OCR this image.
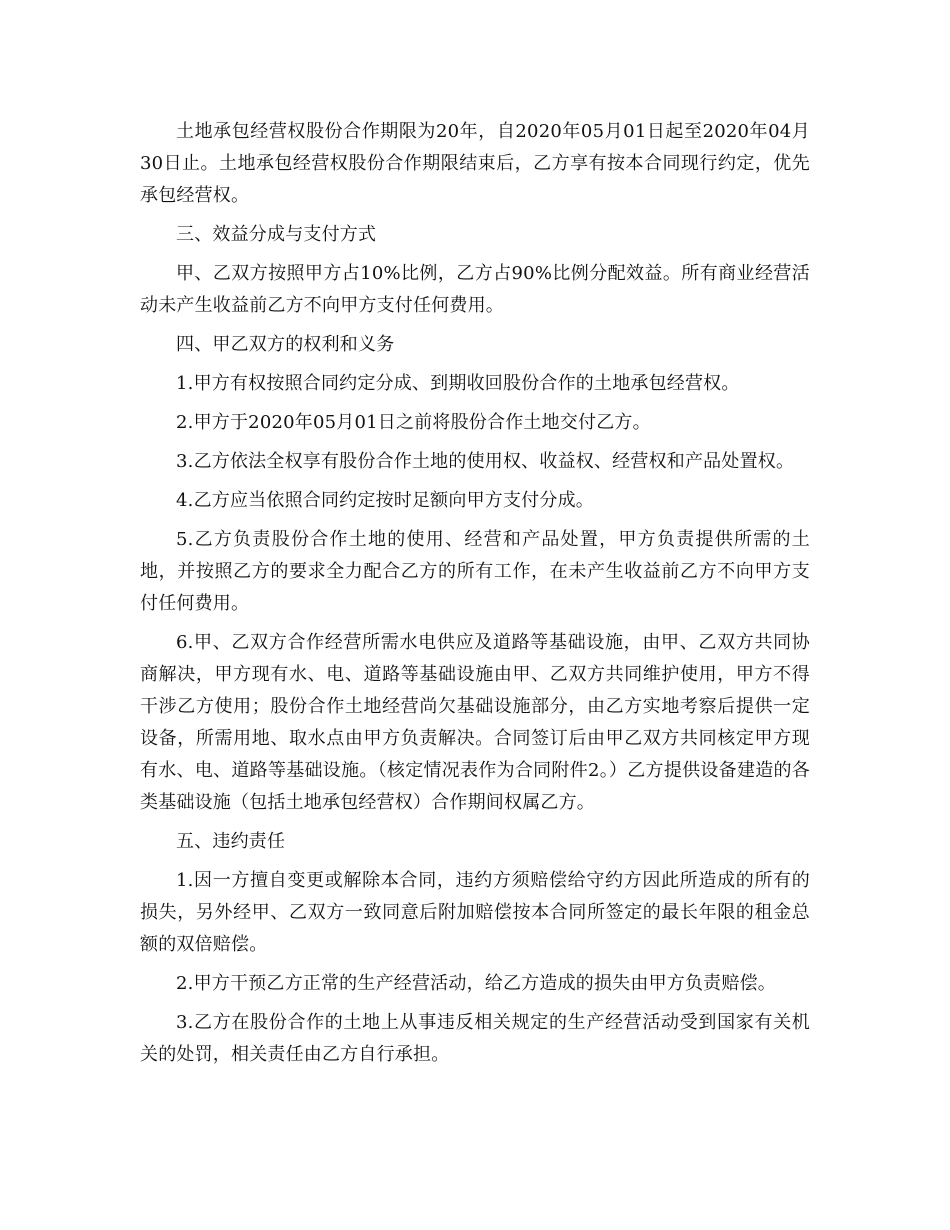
土地承包经营权股份合作期限为20年，自2020年05月01日起至2020年04月30日止。土地承包经营权股份合作期限结束后，乙方享有按本合同现行约定，优先承包经营权。

三、效益分成与支付方式

甲、乙双方按照甲方占10%比例，乙方占90%比例分配效益。所有商业经营活动未产生收益前乙方不向甲方支付任何费用。

四、甲乙双方的权利和义务

1.甲方有权按照合同约定分成、到期收回股份合作的土地承包经营权。

2.甲方于2020年05月01日之前将股份合作土地交付乙方。

3.乙方依法全权享有股份合作土地的使用权、收益权、经营权和产品处置权。

4.乙方应当依照合同约定按时足额向甲方支付分成。

5.乙方负责股份合作土地的使用、经营和产品处置，甲方负责提供所需的土地，并按照乙方的要求全力配合乙方的所有工作，在未产生收益前乙方不向甲方支付任何费用。

6.甲、乙双方合作经营所需水电供应及道路等基础设施，由甲、乙双方共同协商解决，甲方现有水、电、道路等基础设施由甲、乙双方共同维护使用，甲方不得干涉乙方使用；股份合作土地经营尚欠基础设施部分，由乙方实地考察后提供一定设备，所需用地、取水点由甲方负责解决。合同签订后由甲乙双方共同核定甲方现有水、电、道路等基础设施。（核定情况表作为合同附件2。）乙方提供设备建造的各类基础设施（包括土地承包经营权）合作期间权属乙方。

五、违约责任

1.因一方擅自变更或解除本合同，违约方须赔偿给守约方因此所造成的所有的损失，另外经甲、乙双方一致同意后附加赔偿按本合同所签定的最长年限的租金总额的双倍赔偿。

2.甲方干预乙方正常的生产经营活动，给乙方造成的损失由甲方负责赔偿。

3.乙方在股份合作的土地上从事违反相关规定的生产经营活动受到国家有关机关的处罚，相关责任由乙方自行承担。
